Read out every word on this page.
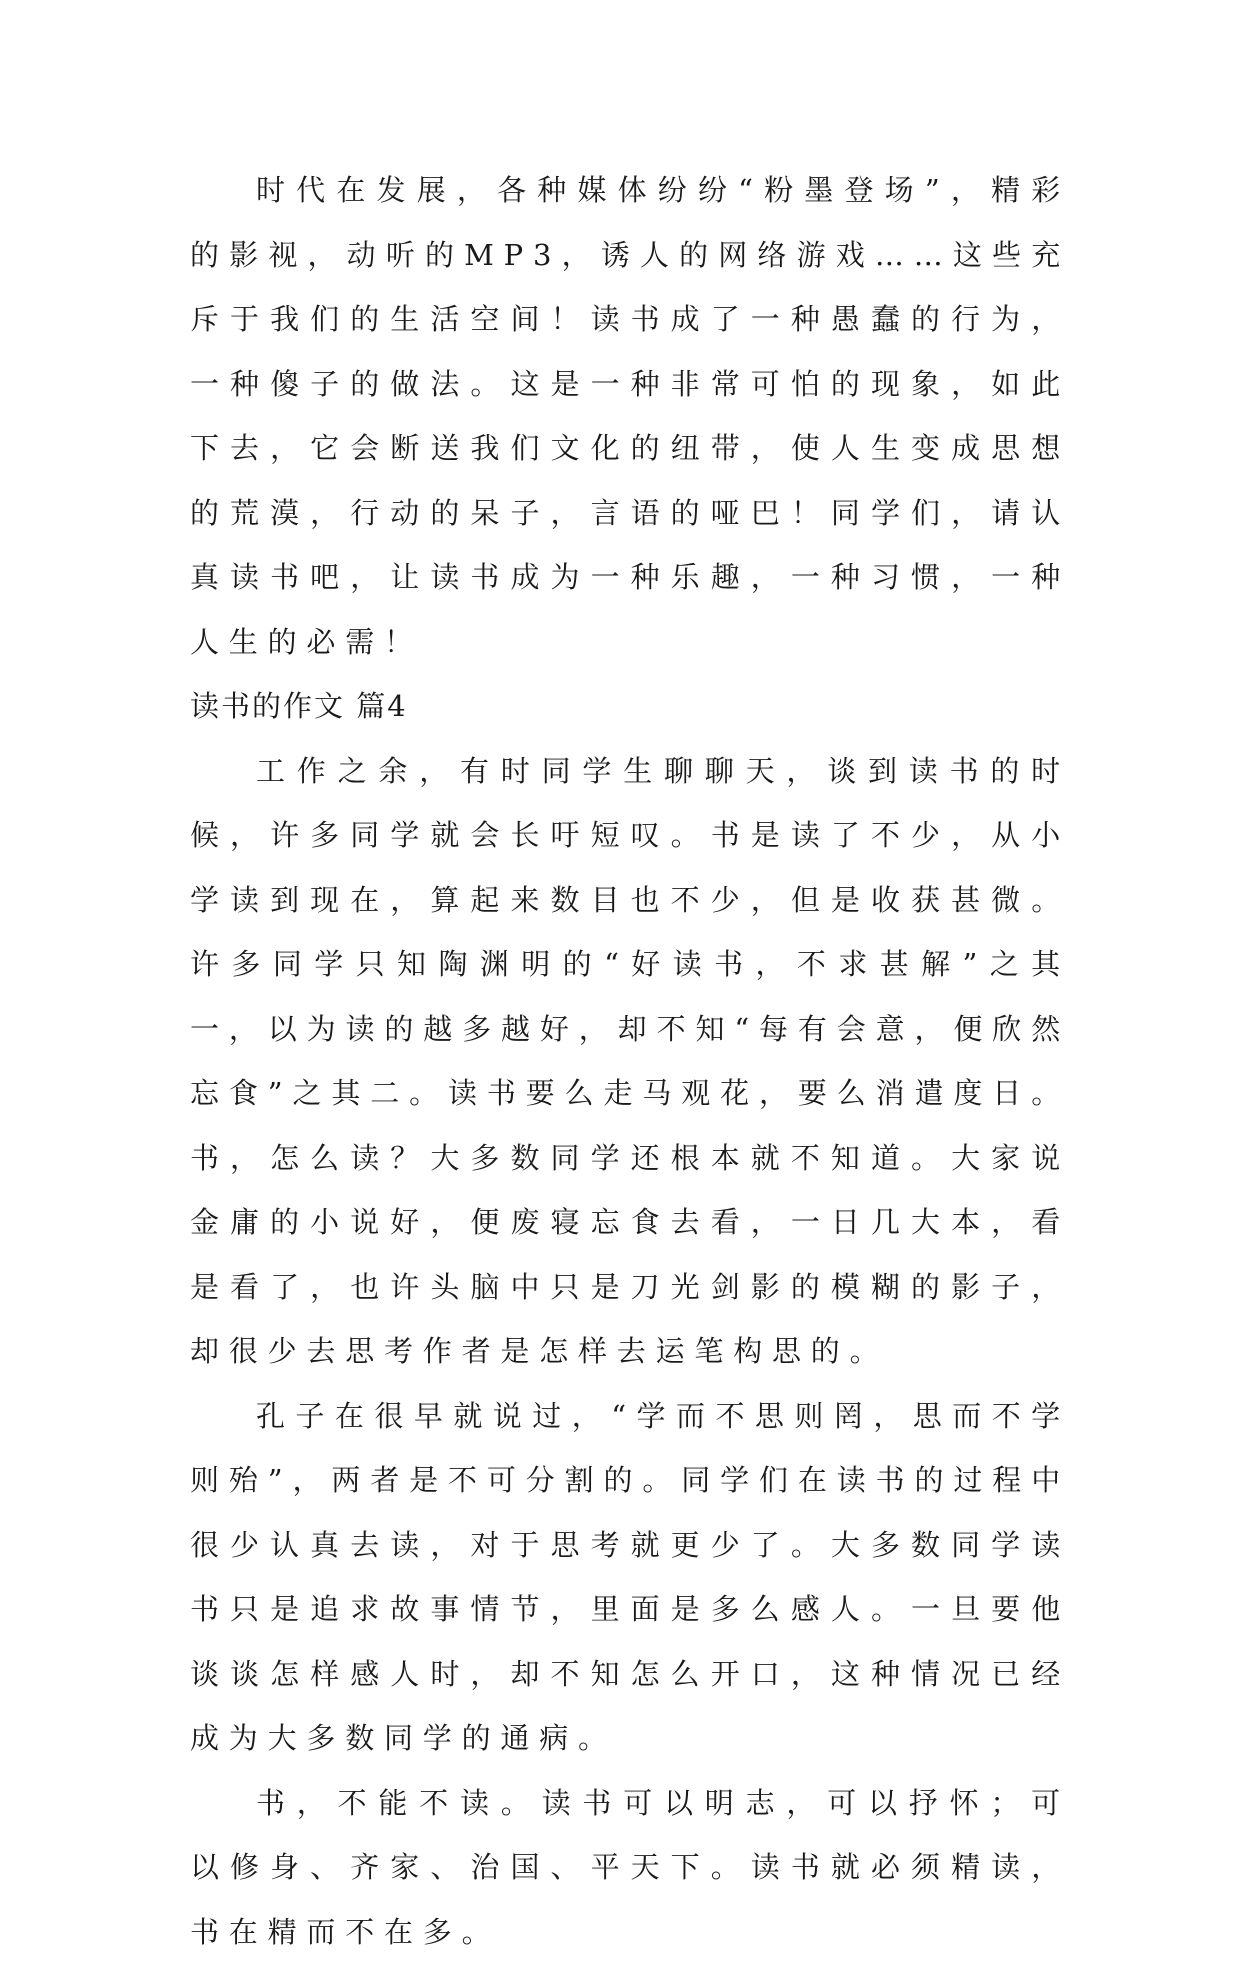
时代在发展，各种媒体纷纷“粉墨登场”，精彩的影视，动听的MP3，诱人的网络游戏……这些充斥于我们的生活空间！读书成了一种愚蠢的行为，一种傻子的做法。这是一种非常可怕的现象，如此下去，它会断送我们文化的纽带，使人生变成思想的荒漠，行动的呆子，言语的哑巴！同学们，请认真读书吧，让读书成为一种乐趣，一种习惯，一种人生的必需！

读书的作文 篇4

工作之余，有时同学生聊聊天，谈到读书的时候，许多同学就会长吁短叹。书是读了不少，从小学读到现在，算起来数目也不少，但是收获甚微。许多同学只知陶渊明的“好读书，不求甚解”之其一，以为读的越多越好，却不知“每有会意，便欣然忘食”之其二。读书要么走马观花，要么消遣度日。书，怎么读？大多数同学还根本就不知道。大家说金庸的小说好，便废寝忘食去看，一日几大本，看是看了，也许头脑中只是刀光剑影的模糊的影子，却很少去思考作者是怎样去运笔构思的。

孔子在很早就说过，“学而不思则罔，思而不学则殆”，两者是不可分割的。同学们在读书的过程中很少认真去读，对于思考就更少了。大多数同学读书只是追求故事情节，里面是多么感人。一旦要他谈谈怎样感人时，却不知怎么开口，这种情况已经成为大多数同学的通病。

书，不能不读。读书可以明志，可以抒怀；可以修身、齐家、治国、平天下。读书就必须精读，书在精而不在多。
